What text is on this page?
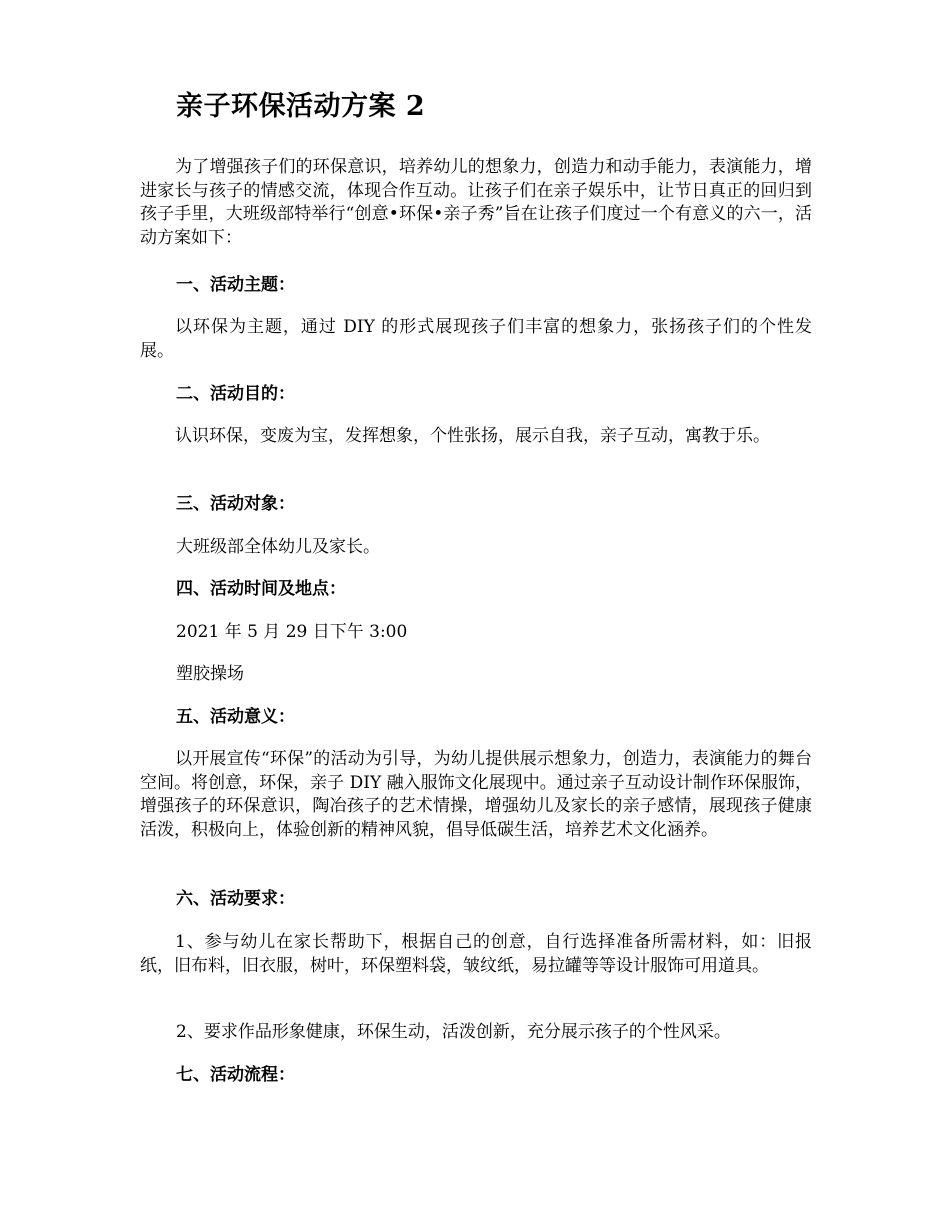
亲子环保活动方案 2

为了增强孩子们的环保意识，培养幼儿的想象力，创造力和动手能力，表演能力，增进家长与孩子的情感交流，体现合作互动。让孩子们在亲子娱乐中，让节日真正的回归到孩子手里，大班级部特举行“创意•环保•亲子秀”旨在让孩子们度过一个有意义的六一，活动方案如下：

一、活动主题：

以环保为主题，通过 DIY 的形式展现孩子们丰富的想象力，张扬孩子们的个性发展。

二、活动目的：

认识环保，变废为宝，发挥想象，个性张扬，展示自我，亲子互动，寓教于乐。

三、活动对象：

大班级部全体幼儿及家长。

四、活动时间及地点：

2021 年 5 月 29 日下午 3:00

塑胶操场

五、活动意义：

以开展宣传“环保”的活动为引导，为幼儿提供展示想象力，创造力，表演能力的舞台空间。将创意，环保，亲子 DIY 融入服饰文化展现中。通过亲子互动设计制作环保服饰，增强孩子的环保意识，陶冶孩子的艺术情操，增强幼儿及家长的亲子感情，展现孩子健康活泼，积极向上，体验创新的精神风貌，倡导低碳生活，培养艺术文化涵养。

六、活动要求：

1、参与幼儿在家长帮助下，根据自己的创意，自行选择准备所需材料，如：旧报纸，旧布料，旧衣服，树叶，环保塑料袋，皱纹纸，易拉罐等等设计服饰可用道具。

2、要求作品形象健康，环保生动，活泼创新，充分展示孩子的个性风采。

七、活动流程：
